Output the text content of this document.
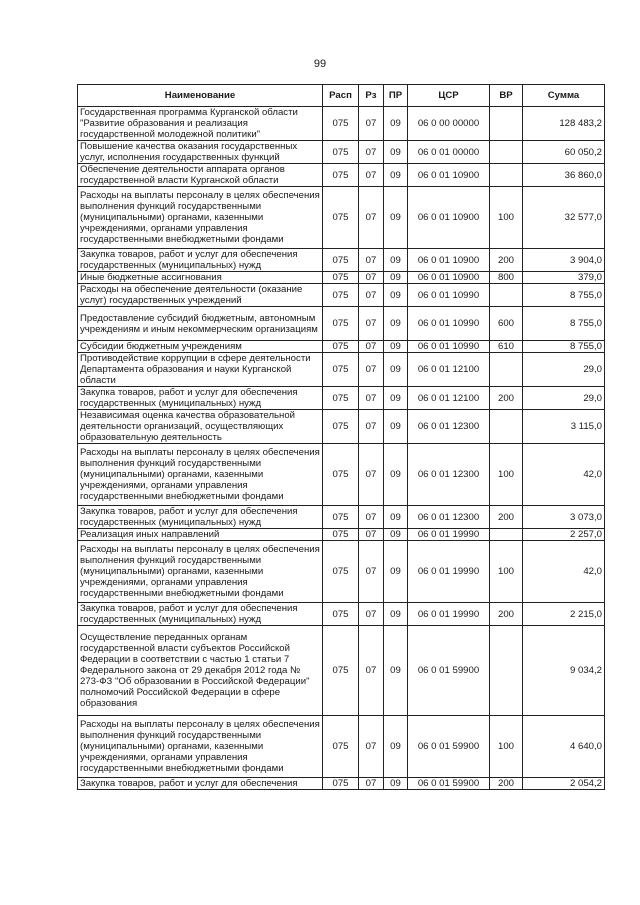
99
Наименование	Расп	Рз	ПР	ЦСР	ВР	Сумма
Государственная программа Курганской области "Развитие образования и реализация государственной молодежной политики"	075	07	09	06 0 00 00000		128 483,2
Повышение качества оказания государственных услуг, исполнения государственных функций	075	07	09	06 0 01 00000		60 050,2
Обеспечение деятельности аппарата органов государственной власти Курганской области	075	07	09	06 0 01 10900		36 860,0
Расходы на выплаты персоналу в целях обеспечения выполнения функций государственными (муниципальными) органами, казенными учреждениями, органами управления государственными внебюджетными фондами	075	07	09	06 0 01 10900	100	32 577,0
Закупка товаров, работ и услуг для обеспечения государственных (муниципальных) нужд	075	07	09	06 0 01 10900	200	3 904,0
Иные бюджетные ассигнования	075	07	09	06 0 01 10900	800	379,0
Расходы на обеспечение деятельности (оказание услуг) государственных учреждений	075	07	09	06 0 01 10990		8 755,0
Предоставление субсидий бюджетным, автономным учреждениям и иным некоммерческим организациям	075	07	09	06 0 01 10990	600	8 755,0
Субсидии бюджетным учреждениям	075	07	09	06 0 01 10990	610	8 755,0
Противодействие коррупции в сфере деятельности Департамента образования и науки Курганской области	075	07	09	06 0 01 12100		29,0
Закупка товаров, работ и услуг для обеспечения государственных (муниципальных) нужд	075	07	09	06 0 01 12100	200	29,0
Независимая оценка качества образовательной деятельности организаций, осуществляющих образовательную деятельность	075	07	09	06 0 01 12300		3 115,0
Расходы на выплаты персоналу в целях обеспечения выполнения функций государственными (муниципальными) органами, казенными учреждениями, органами управления государственными внебюджетными фондами	075	07	09	06 0 01 12300	100	42,0
Закупка товаров, работ и услуг для обеспечения государственных (муниципальных) нужд	075	07	09	06 0 01 12300	200	3 073,0
Реализация иных направлений	075	07	09	06 0 01 19990		2 257,0
Расходы на выплаты персоналу в целях обеспечения выполнения функций государственными (муниципальными) органами, казенными учреждениями, органами управления государственными внебюджетными фондами	075	07	09	06 0 01 19990	100	42,0
Закупка товаров, работ и услуг для обеспечения государственных (муниципальных) нужд	075	07	09	06 0 01 19990	200	2 215,0
Осуществление переданных органам государственной власти субъектов Российской Федерации в соответствии с частью 1 статьи 7 Федерального закона от 29 декабря 2012 года № 273-ФЗ "Об образовании в Российской Федерации" полномочий Российской Федерации в сфере образования	075	07	09	06 0 01 59900		9 034,2
Расходы на выплаты персоналу в целях обеспечения выполнения функций государственными (муниципальными) органами, казенными учреждениями, органами управления государственными внебюджетными фондами	075	07	09	06 0 01 59900	100	4 640,0
Закупка товаров, работ и услуг для обеспечения	075	07	09	06 0 01 59900	200	2 054,2
